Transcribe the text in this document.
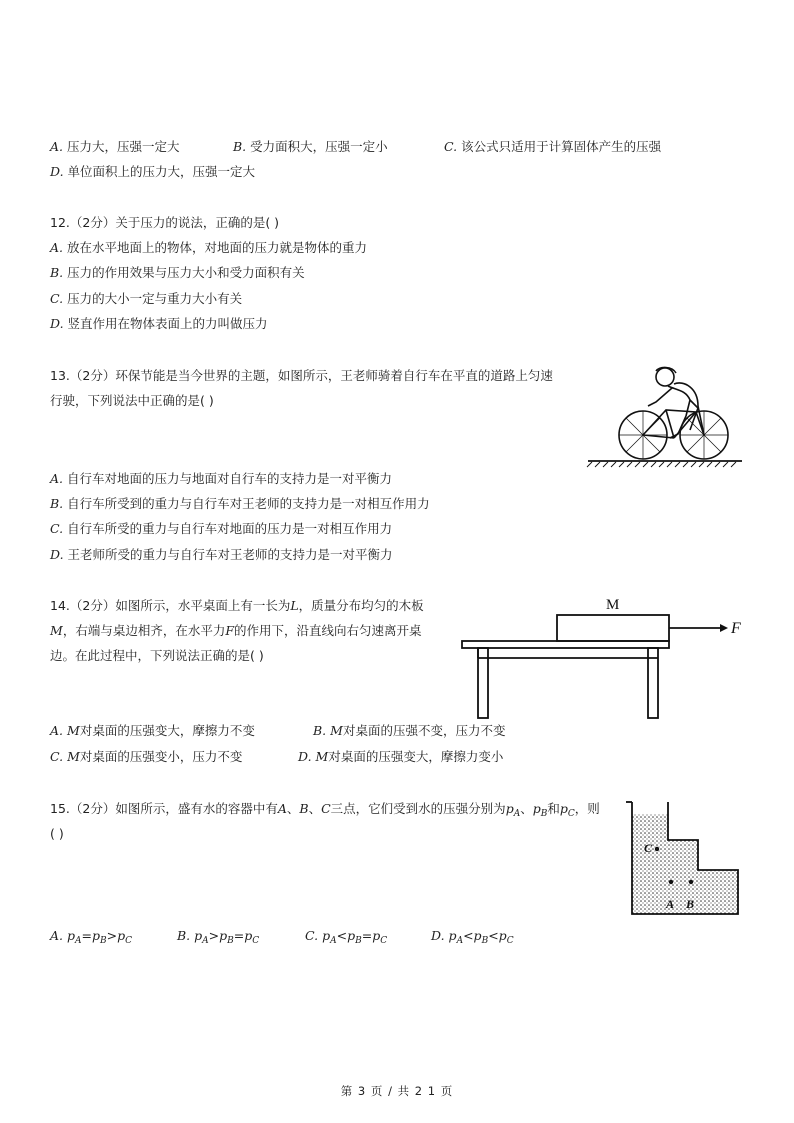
A. 压力大，压强一定大	B. 受力面积大，压强一定小	C. 该公式只适用于计算固体产生的压强
D. 单位面积上的压力大，压强一定大
12.（2分）关于压力的说法，正确的是( )
A. 放在水平地面上的物体，对地面的压力就是物体的重力
B. 压力的作用效果与压力大小和受力面积有关
C. 压力的大小一定与重力大小有关
D. 竖直作用在物体表面上的力叫做压力
13.（2分）环保节能是当今世界的主题，如图所示，王老师骑着自行车在平直的道路上匀速
行驶，下列说法中正确的是( )
A. 自行车对地面的压力与地面对自行车的支持力是一对平衡力
B. 自行车所受到的重力与自行车对王老师的支持力是一对相互作用力
C. 自行车所受的重力与自行车对地面的压力是一对相互作用力
D. 王老师所受的重力与自行车对王老师的支持力是一对平衡力
14.（2分）如图所示，水平桌面上有一长为L，质量分布均匀的木板
M，右端与桌边相齐，在水平力F的作用下，沿直线向右匀速离开桌
边。在此过程中，下列说法正确的是( )
M
F
A. M对桌面的压强变大，摩擦力不变	B. M对桌面的压强不变，压力不变
C. M对桌面的压强变小，压力不变	D. M对桌面的压强变大，摩擦力变小
15.（2分）如图所示，盛有水的容器中有A、B、C三点，它们受到水的压强分别为$p_A$、$p_B$和$p_C$，则
( )
C
A B
A. $p_A=p_B>p_C$	B. $p_A>p_B=p_C$	C. $p_A<p_B=p_C$	D. $p_A<p_B<p_C$
第 3 页 / 共 2 1 页
